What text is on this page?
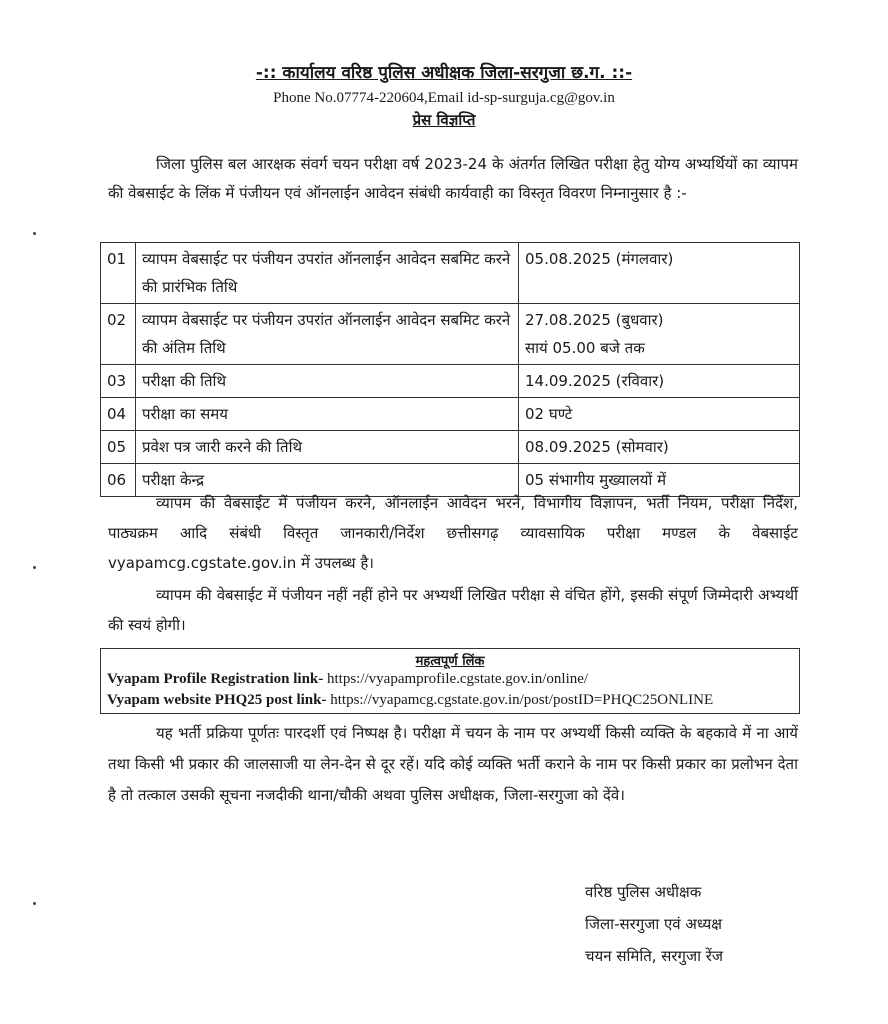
-:: कार्यालय वरिष्ठ पुलिस अधीक्षक जिला-सरगुजा छ.ग. ::-
Phone No.07774-220604,Email id-sp-surguja.cg@gov.in
प्रेस विज्ञप्ति
जिला पुलिस बल आरक्षक संवर्ग चयन परीक्षा वर्ष 2023-24 के अंतर्गत लिखित परीक्षा हेतु योग्य अभ्यर्थियों का व्यापम की वेबसाईट के लिंक में पंजीयन एवं ऑनलाईन आवेदन संबंधी कार्यवाही का विस्तृत विवरण निम्नानुसार है :-
01	व्यापम वेबसाईट पर पंजीयन उपरांत ऑनलाईन आवेदन सबमिट करने की प्रारंभिक तिथि	05.08.2025 (मंगलवार)

02	व्यापम वेबसाईट पर पंजीयन उपरांत ऑनलाईन आवेदन सबमिट करने की अंतिम तिथि	27.08.2025 (बुधवार)
सायं 05.00 बजे तक

03	परीक्षा की तिथि	14.09.2025 (रविवार)

04	परीक्षा का समय	02 घण्टे

05	प्रवेश पत्र जारी करने की तिथि	08.09.2025 (सोमवार)

06	परीक्षा केन्द्र	05 संभागीय मुख्यालयों में
व्यापम की वेबसाईट में पंजीयन करने, ऑनलाईन आवेदन भरने, विभागीय विज्ञापन, भर्ती नियम, परीक्षा निर्देश, पाठ्यक्रम आदि संबंधी विस्तृत जानकारी/निर्देश छत्तीसगढ़ व्यावसायिक परीक्षा मण्डल के वेबसाईट vyapamcg.cgstate.gov.in में उपलब्ध है।
व्यापम की वेबसाईट में पंजीयन नहीं नहीं होने पर अभ्यर्थी लिखित परीक्षा से वंचित होंगे, इसकी संपूर्ण जिम्मेदारी अभ्यर्थी की स्वयं होगी।
महत्वपूर्ण लिंक
Vyapam Profile Registration link- https://vyapamprofile.cgstate.gov.in/online/
Vyapam website PHQ25 post link- https://vyapamcg.cgstate.gov.in/post/postID=PHQC25ONLINE
यह भर्ती प्रक्रिया पूर्णतः पारदर्शी एवं निष्पक्ष है। परीक्षा में चयन के नाम पर अभ्यर्थी किसी व्यक्ति के बहकावे में ना आयें तथा किसी भी प्रकार की जालसाजी या लेन-देन से दूर रहें। यदि कोई व्यक्ति भर्ती कराने के नाम पर किसी प्रकार का प्रलोभन देता है तो तत्काल उसकी सूचना नजदीकी थाना/चौकी अथवा पुलिस अधीक्षक, जिला-सरगुजा को देंवे।
वरिष्ठ पुलिस अधीक्षक
जिला-सरगुजा एवं अध्यक्ष
चयन समिति, सरगुजा रेंज
